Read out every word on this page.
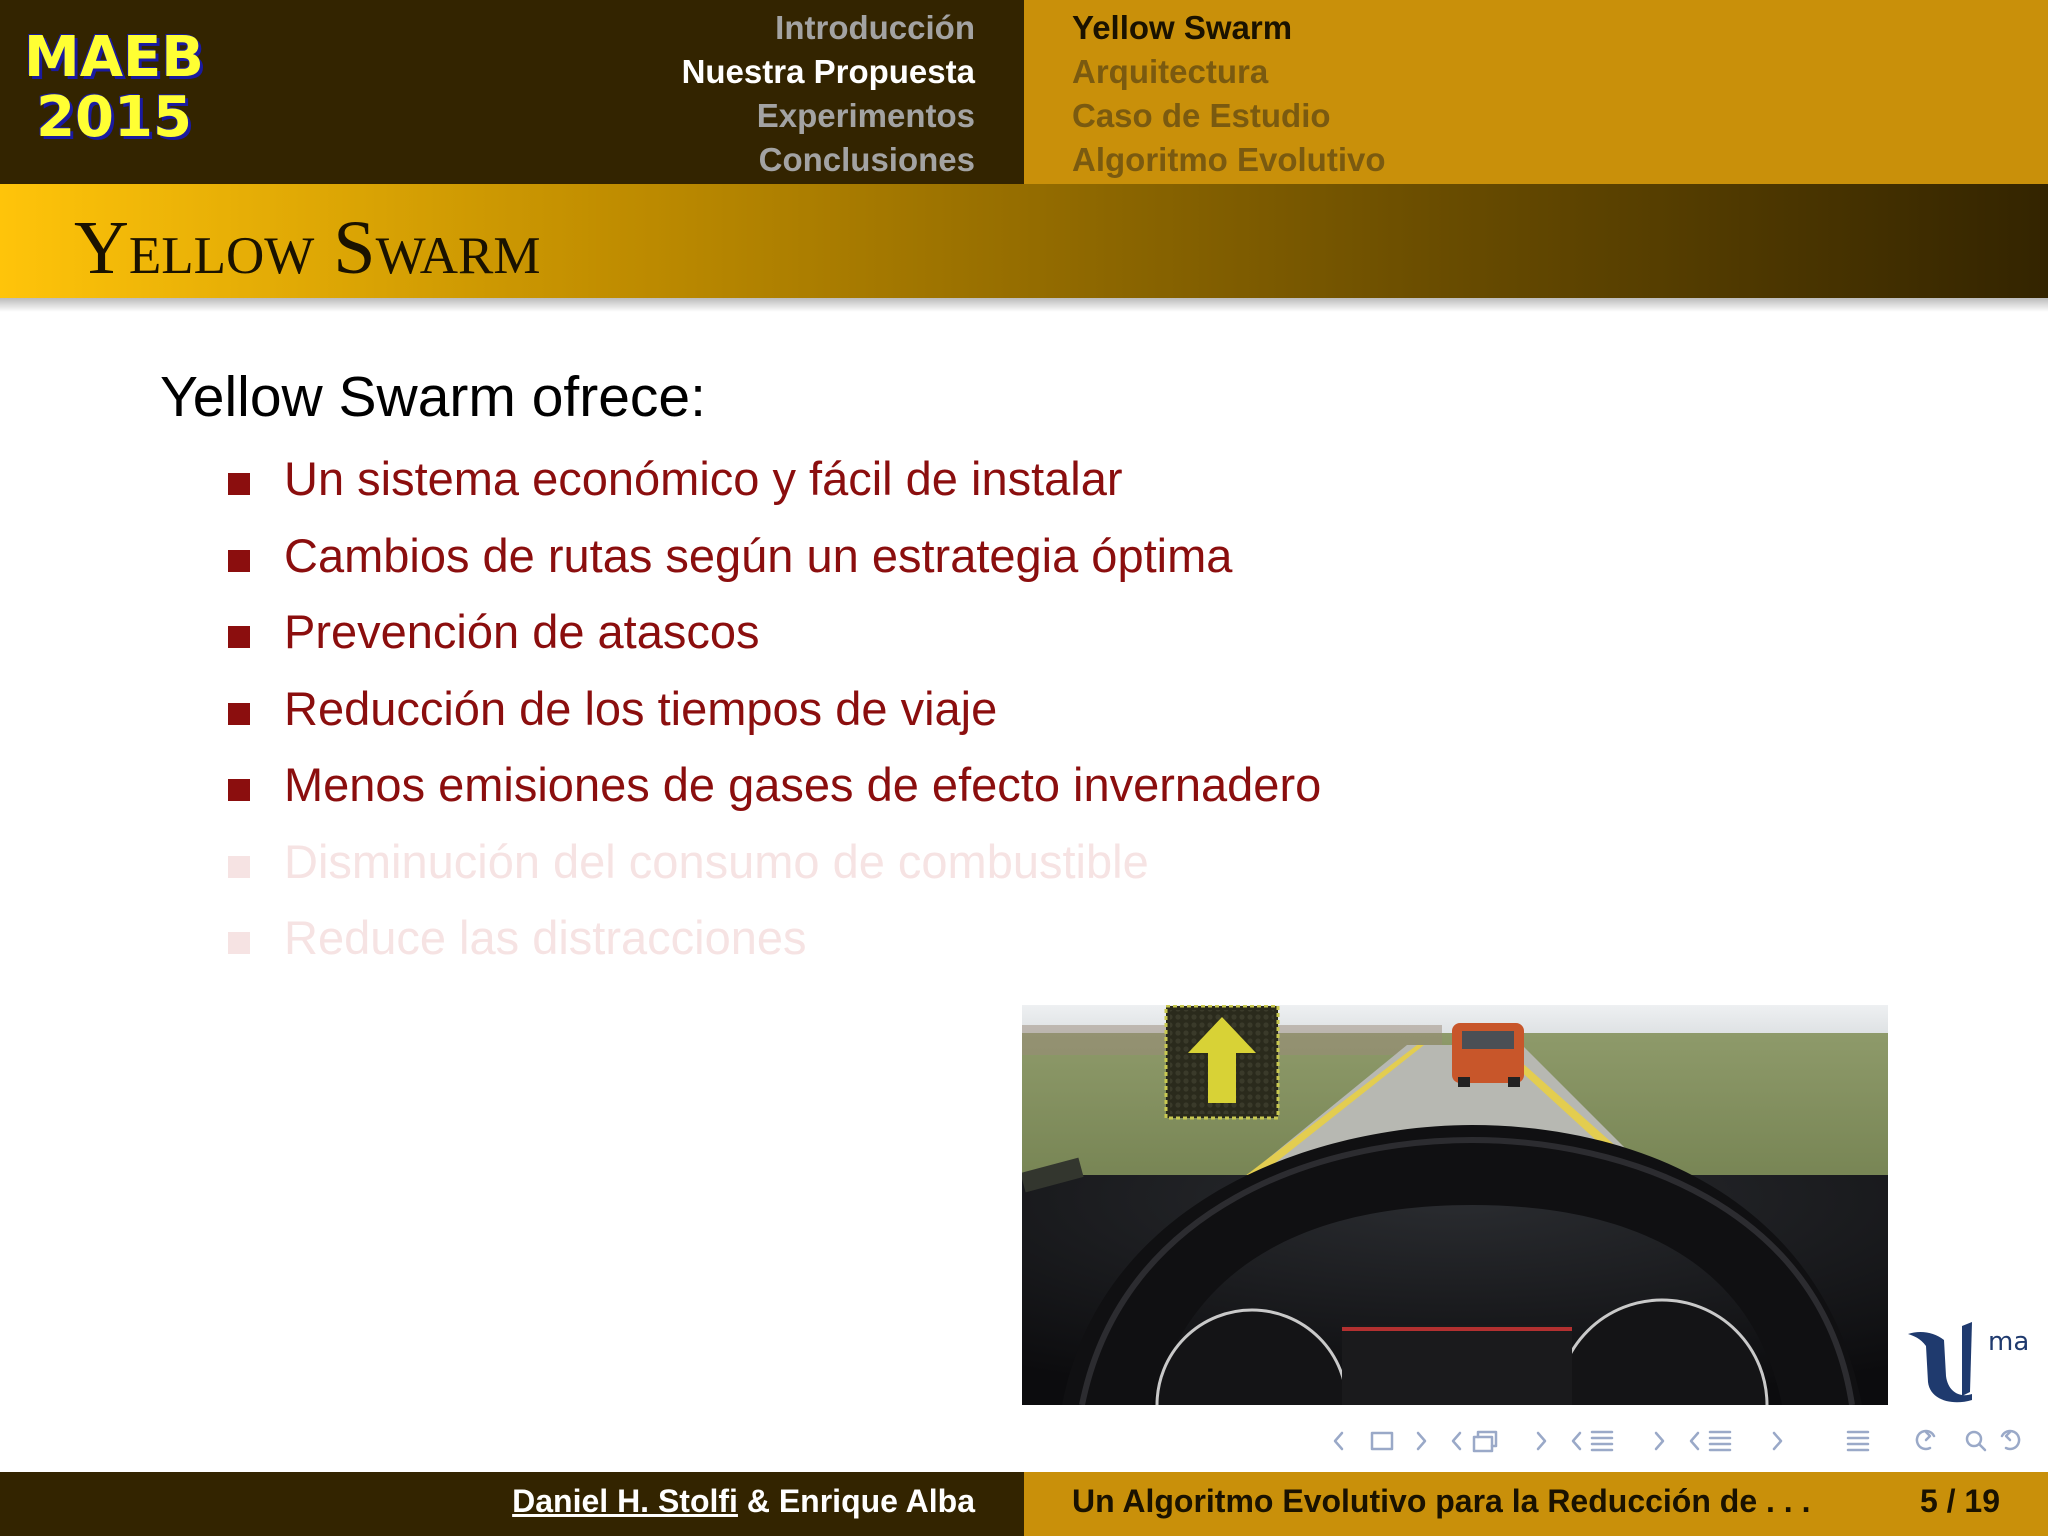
MAEB
2015
Introducción
Nuestra Propuesta
Experimentos
Conclusiones
Yellow Swarm
Arquitectura
Caso de Estudio
Algoritmo Evolutivo
Yellow Swarm
Yellow Swarm ofrece:
Un sistema económico y fácil de instalar
Cambios de rutas según un estrategia óptima
Prevención de atascos
Reducción de los tiempos de viaje
Menos emisiones de gases de efecto invernadero
Disminución del consumo de combustible
Reduce las distracciones
ma
Daniel H. Stolfi & Enrique Alba	Un Algoritmo Evolutivo para la Reducción de . . .	5 / 19
